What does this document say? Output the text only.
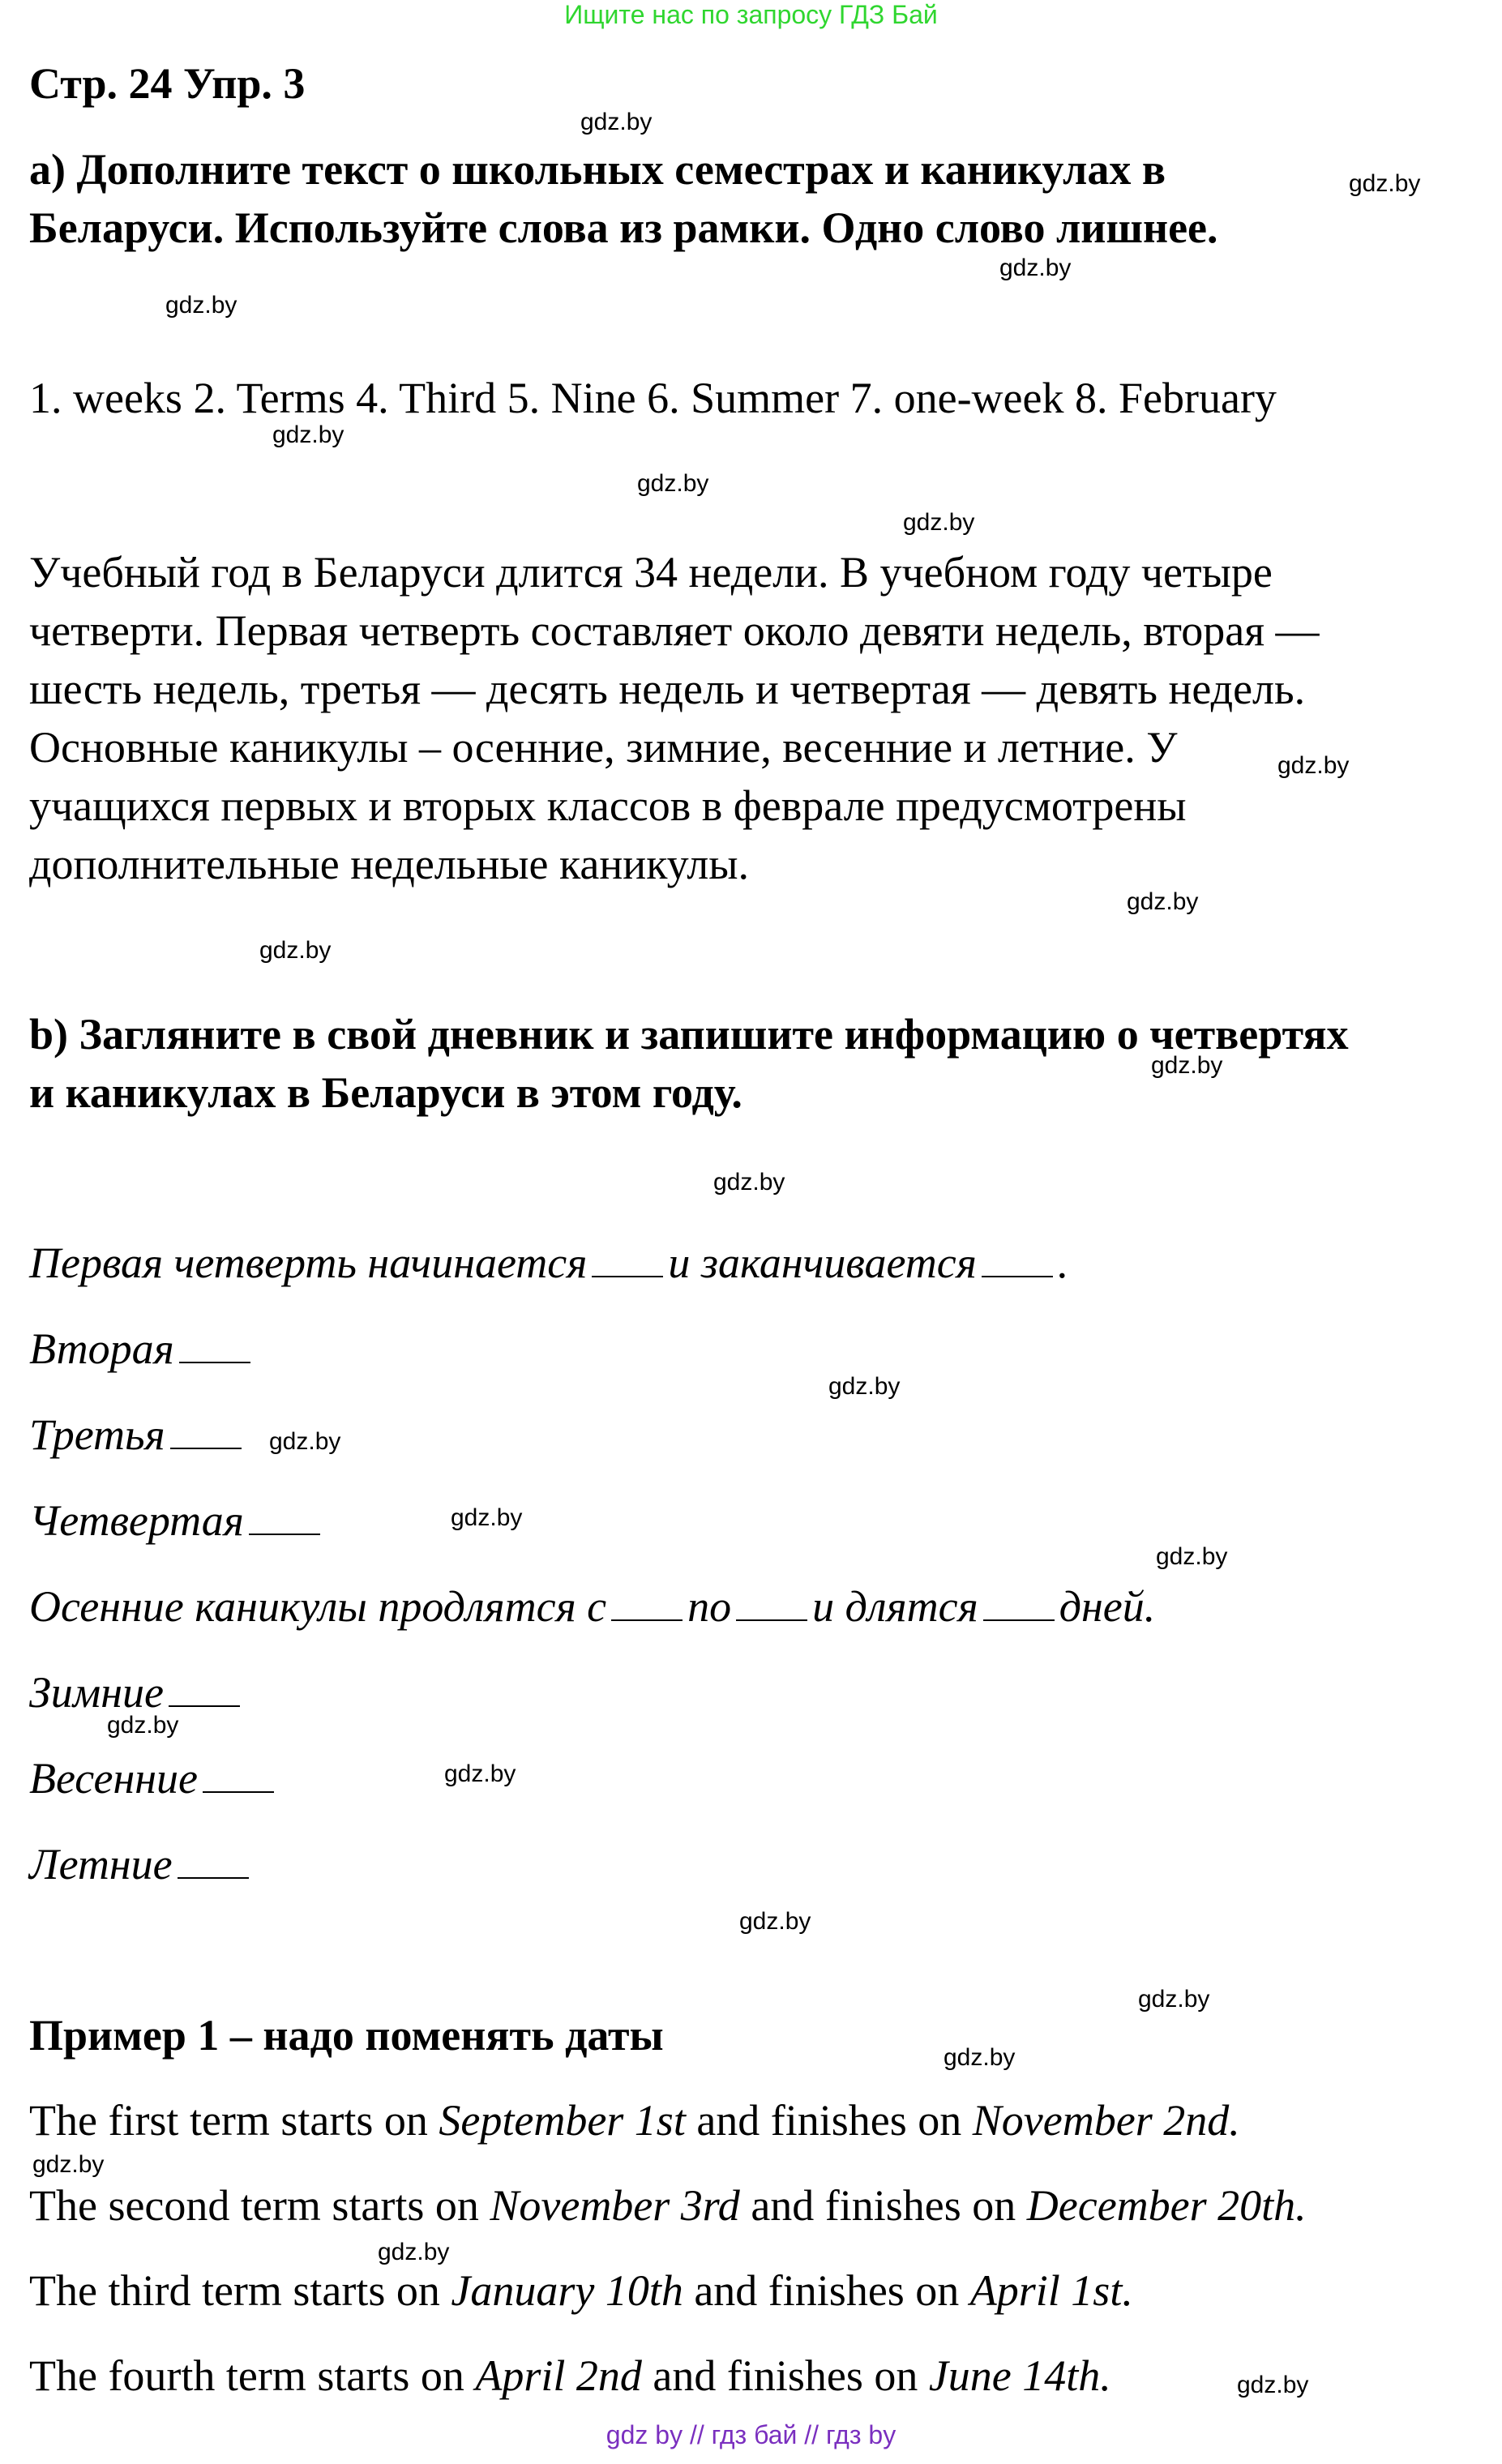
Ищите нас по запросу ГДЗ Бай
Стр. 24 Упр. 3
a) Дополните текст о школьных семестрах и каникулах в
Беларуси. Используйте слова из рамки. Одно слово лишнее.
1. weeks 2. Terms 4. Third 5. Nine 6. Summer 7. one-week 8. February
Учебный год в Беларуси длится 34 недели. В учебном году четыре
четверти. Первая четверть составляет около девяти недель, вторая —
шесть недель, третья — десять недель и четвертая — девять недель.
Основные каникулы – осенние, зимние, весенние и летние. У
учащихся первых и вторых классов в феврале предусмотрены
дополнительные недельные каникулы.
b) Загляните в свой дневник и запишите информацию о четвертях
и каникулах в Беларуси в этом году.
Первая четверть начинается и заканчивается .
Вторая
Третья
Четвертая
Осенние каникулы продлятся с по и длятся дней.
Зимние
Весенние
Летние
Пример 1 – надо поменять даты
The first term starts on September 1st and finishes on November 2nd.
The second term starts on November 3rd and finishes on December 20th.
The third term starts on January 10th and finishes on April 1st.
The fourth term starts on April 2nd and finishes on June 14th.
gdz.by
gdz.by
gdz.by
gdz.by
gdz.by
gdz.by
gdz.by
gdz.by
gdz.by
gdz.by
gdz.by
gdz.by
gdz.by
gdz.by
gdz.by
gdz.by
gdz.by
gdz.by
gdz.by
gdz.by
gdz.by
gdz.by
gdz.by
gdz.by
gdz by // гдз бай // гдз by
